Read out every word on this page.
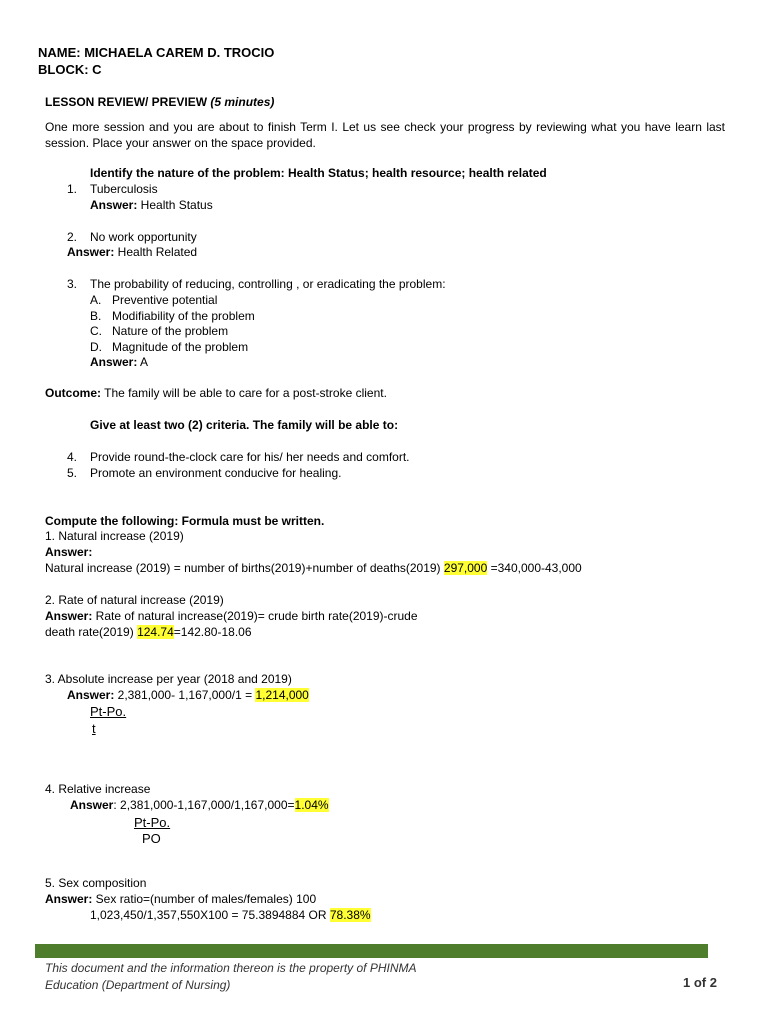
NAME: MICHAELA CAREM D. TROCIO
BLOCK: C
LESSON REVIEW/ PREVIEW (5 minutes)
One more session and you are about to finish Term I. Let us see check your progress by reviewing what you have learn last session. Place your answer on the space provided.
Identify the nature of the problem: Health Status; health resource; health related
1. Tuberculosis
Answer: Health Status
2. No work opportunity
Answer: Health Related
3. The probability of reducing, controlling , or eradicating the problem:
A. Preventive potential
B. Modifiability of the problem
C. Nature of the problem
D. Magnitude of the problem
Answer: A
Outcome: The family will be able to care for a post-stroke client.
Give at least two (2) criteria. The family will be able to:
4. Provide round-the-clock care for his/ her needs and comfort.
5. Promote an environment conducive for healing.
Compute the following: Formula must be written.
1. Natural increase (2019)
Answer:
Natural increase (2019) = number of births(2019)+number of deaths(2019) 297,000 =340,000-43,000
2. Rate of natural increase (2019)
Answer: Rate of natural increase(2019)= crude birth rate(2019)-crude
death rate(2019) 124.74=142.80-18.06
3. Absolute increase per year (2018 and 2019)
Answer: 2,381,000- 1,167,000/1 = 1,214,000
Pt-Po.
t
4. Relative increase
Answer: 2,381,000-1,167,000/1,167,000=1.04%
Pt-Po.
PO
5. Sex composition
Answer: Sex ratio=(number of males/females) 100
1,023,450/1,357,550X100 = 75.3894884 OR 78.38%
This document and the information thereon is the property of PHINMA
Education (Department of Nursing)	1 of 2
